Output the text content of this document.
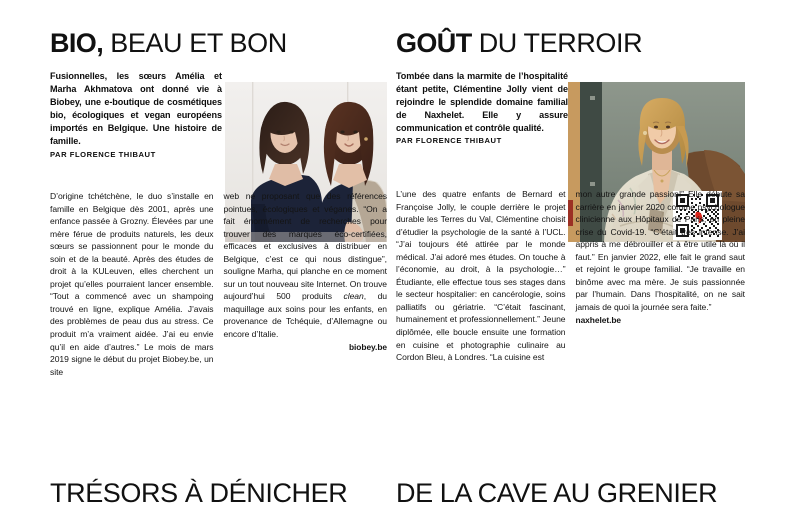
BIO, BEAU ET BON

Fusionnelles, les sœurs Amélia et Marha Akhmatova ont donné vie à Biobey, une e-boutique de cosmétiques bio, écologiques et vegan européens importés en Belgique. Une histoire de famille.

PAR FLORENCE THIBAUT

D’origine tchétchène, le duo s’installe en famille en Belgique dès 2001, après une enfance passée à Grozny. Élevées par une mère férue de produits naturels, les deux sœurs se passionnent pour le monde du soin et de la beauté. Après des études de droit à la KULeuven, elles cherchent un projet qu’elles pourraient lancer ensemble. “Tout a commencé avec un shampoing trouvé en ligne, explique Amélia. J’avais des problèmes de peau dus au stress. Ce produit m’a vraiment aidée. J’ai eu envie qu’il en aide d’autres.” Le mois de mars 2019 signe le début du projet Biobey.be, un site

web ne proposant que des références pointues, écologiques et véganes. “On a fait énormément de recherches pour trouver des marques éco-certifiées, efficaces et exclusives à distribuer en Belgique, c’est ce qui nous distingue”, souligne Marha, qui planche en ce moment sur un tout nouveau site Internet. On trouve aujourd’hui 500 produits clean, du maquillage aux soins pour les enfants, en provenance de Tchéquie, d’Allemagne ou encore d’Italie.
biobey.be

GOÛT DU TERROIR

Tombée dans la marmite de l’hospitalité étant petite, Clémentine Jolly vient de rejoindre le splendide domaine familial de Naxhelet. Elle y assure communication et contrôle qualité.

PAR FLORENCE THIBAUT

L’une des quatre enfants de Bernard et Françoise Jolly, le couple derrière le projet durable les Terres du Val, Clémentine choisit d’étudier la psychologie de la santé à l’UCL. “J’ai toujours été attirée par le monde médical. J’ai adoré mes études. On touche à l’économie, au droit, à la psychologie…” Étudiante, elle effectue tous ses stages dans le secteur hospitalier: en cancérologie, soins palliatifs ou gériatrie. “C’était fascinant, humainement et professionnellement.” Jeune diplômée, elle boucle ensuite une formation en cuisine et photographie culinaire au Cordon Bleu, à Londres. “La cuisine est

mon autre grande passion!” Elle débute sa carrière en janvier 2020 comme psychologue clinicienne aux Hôpitaux de Paris, en pleine crise du Covid-19. “C’était très intense. J’ai appris à me débrouiller et à être utile là où il faut.” En janvier 2022, elle fait le grand saut et rejoint le groupe familial. “Je travaille en binôme avec ma mère. Je suis passionnée par l’humain. Dans l’hospitalité, on ne sait jamais de quoi la journée sera faite.”

naxhelet.be
TRÉSORS À DÉNICHER DE LA CAVE AU GRENIER
